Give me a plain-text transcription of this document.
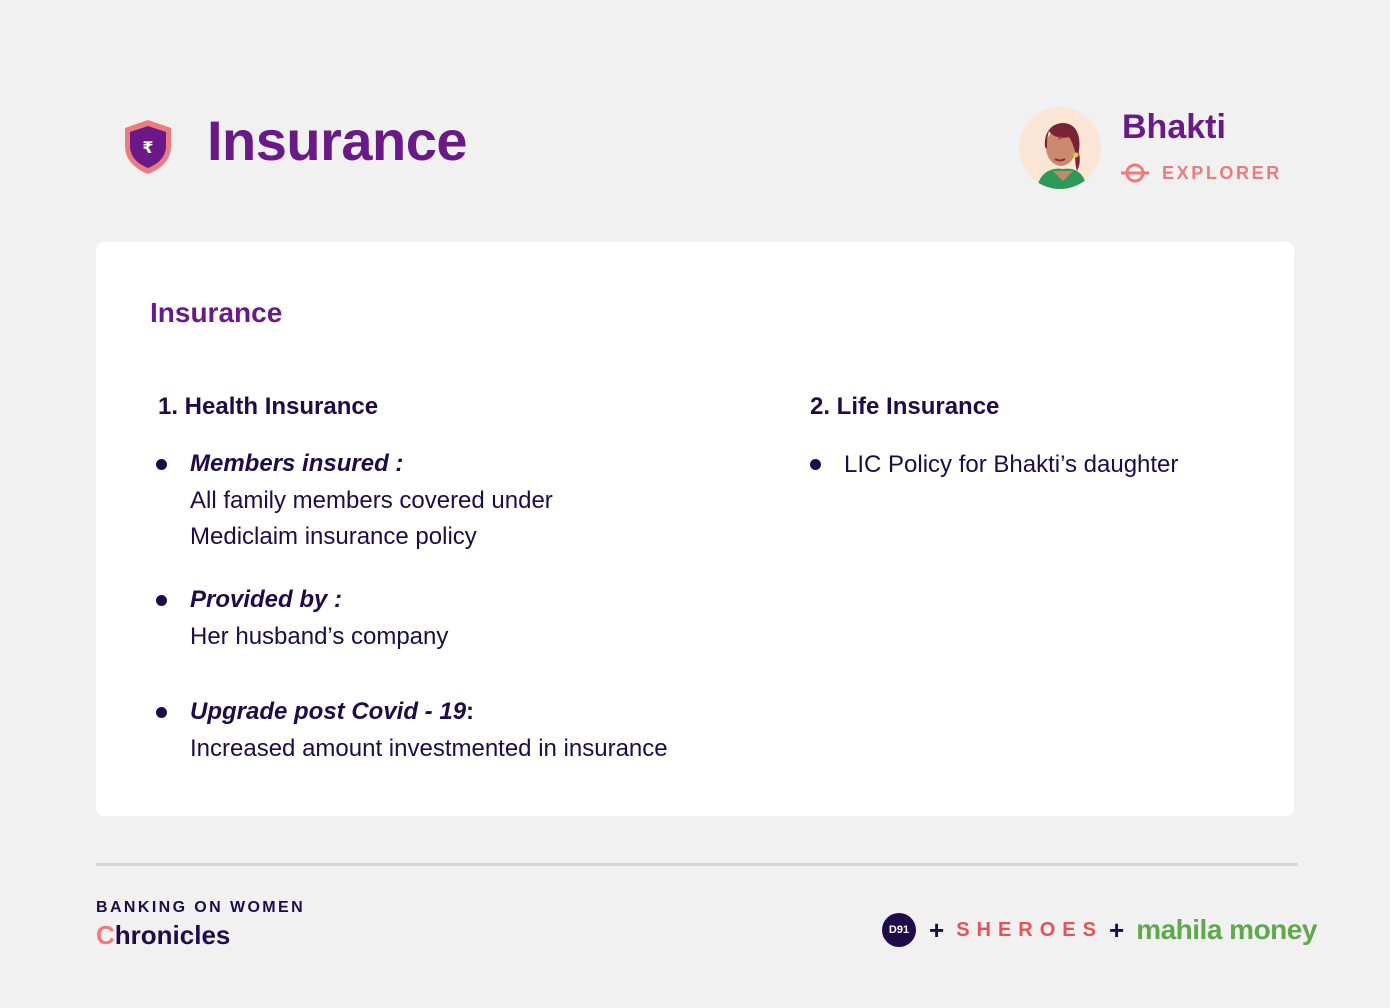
₹ Insurance	Bhakti
EXPLORER
Insurance
1. Health Insurance
Members insured :
All family members covered under
Mediclaim insurance policy
Provided by :
Her husband’s company
Upgrade post Covid - 19:
Increased amount investmented in insurance
2. Life Insurance
LIC Policy for Bhakti’s daughter
BANKING ON WOMEN
Chronicles	D91 + SHEROES + mahila money
